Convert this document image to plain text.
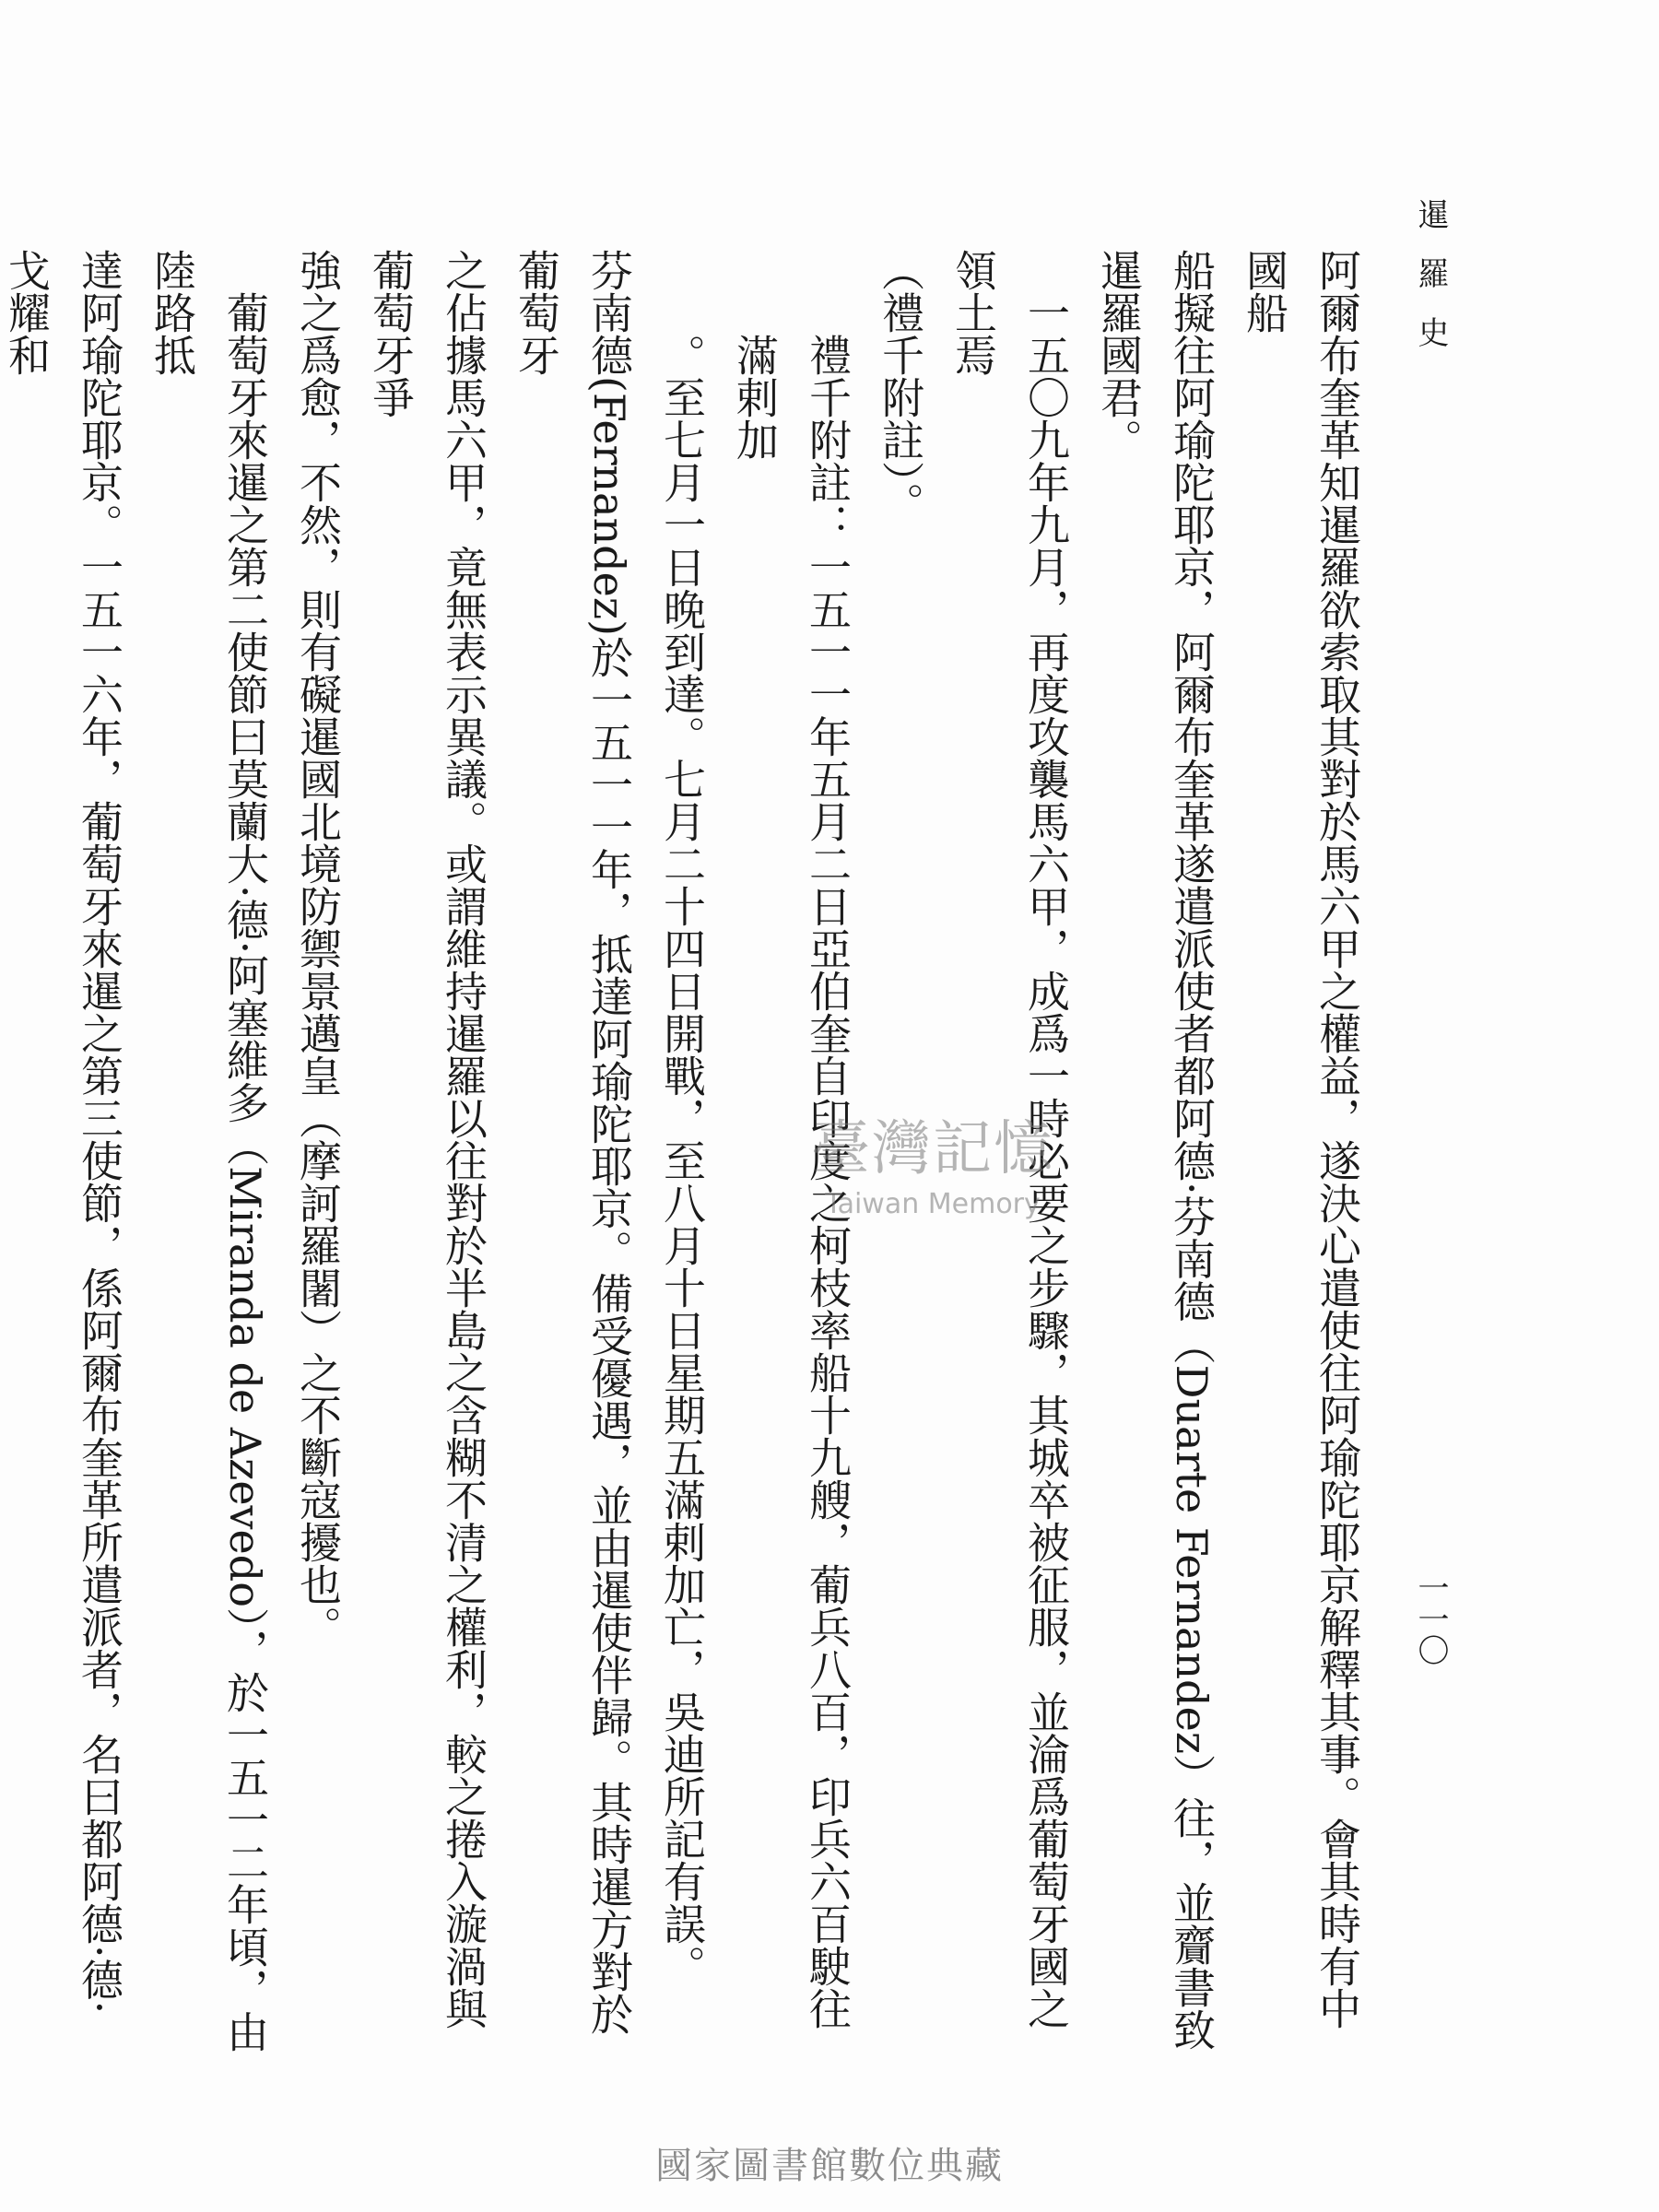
暹羅史
一一〇

阿爾布奎革知暹羅欲索取其對於馬六甲之權益，遂決心遣使往阿瑜陀耶京解釋其事。會其時有中國船

船擬往阿瑜陀耶京，阿爾布奎革遂遣派使者都阿德·芬南德（Duarte Fernandez）往，並齎書致暹羅國君。

一五〇九年九月，再度攻襲馬六甲，成爲一時必要之步驟，其城卒被征服，並淪爲葡萄牙國之領土焉

（禮千附註）。

禮千附註：一五一一年五月二日亞伯奎自印度之柯枝率船十九艘，葡兵八百，印兵六百駛往滿剌加

。至七月一日晚到達。七月二十四日開戰，至八月十日星期五滿剌加亡，吳迪所記有誤。

芬南德(Fernandez)於一五一一年，抵達阿瑜陀耶京。備受優遇，並由暹使伴歸。其時暹方對於葡萄牙

之佔據馬六甲，竟無表示異議。或謂維持暹羅以往對於半島之含糊不清之權利，較之捲入漩渦與葡萄牙爭

強之爲愈，不然，則有礙暹國北境防禦景邁皇（摩訶羅闍）之不斷寇擾也。

葡萄牙來暹之第二使節曰莫蘭大·德·阿塞維多（Miranda de Azevedo），於一五一二年頃，由陸路抵

達阿瑜陀耶京。一五一六年，葡萄牙來暹之第三使節，係阿爾布奎革所遣派者，名曰都阿德·德·戈耀和

臺灣記憶
Taiwan Memory
國家圖書館數位典藏
